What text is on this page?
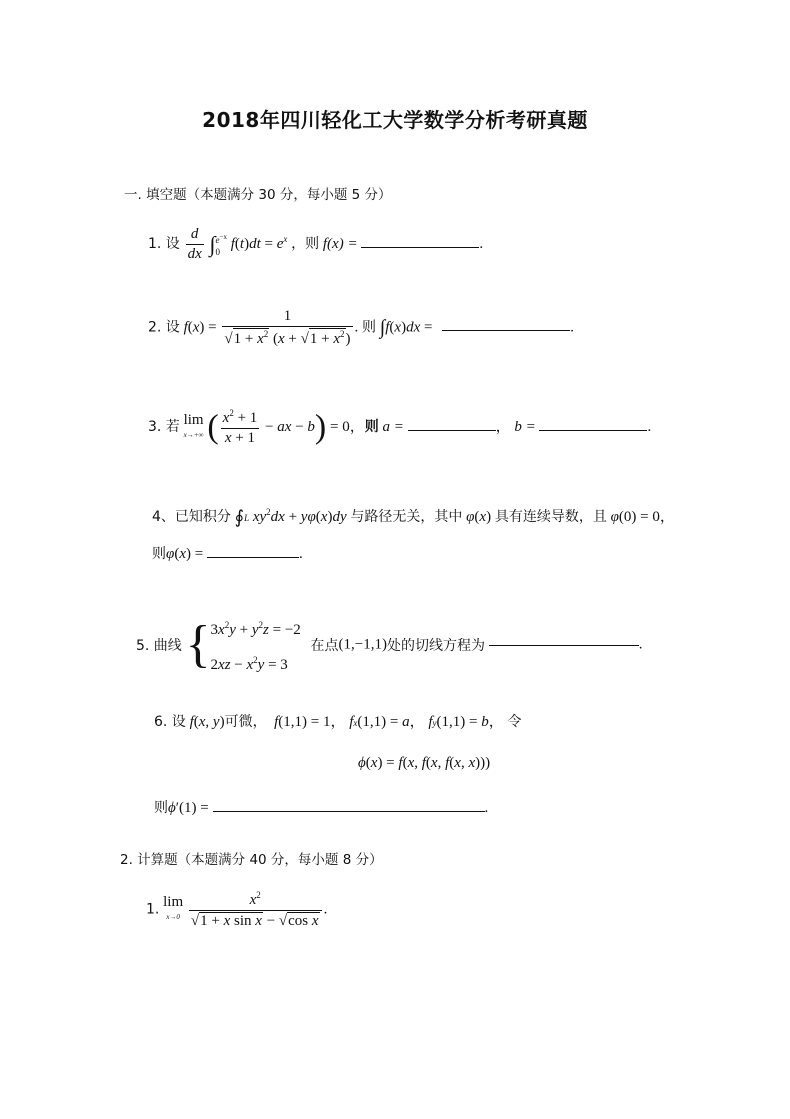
2018年四川轻化工大学数学分析考研真题
一. 填空题（本题满分 30 分，每小题 5 分）
1. 设 $\frac{d}{dx} \int e^{-x}$
0 $f(t)dt = e^x$ ，则 f(x) =	.
2. 设 $f(x) = \frac{1}{√1 + x^2 (x + √1 + x^2)}$ . 则 ∫f(x)dx =	.
3. 若 lim
x→+∞ ( $\frac{x^2 + 1}{x + 1}$ − ax − b) = 0，则 a =	， b =	.
4、已知积分 ∮L $xy^2dx + y\varphi(x)dy$ 与路径无关，其中 φ(x) 具有连续导数，且 φ(0) = 0，
则φ(x) =	.
5. 曲线 {$3x^2y + y^2z = -2$
$2xz - x^2y = 3$ 在点(1,−1,1)处的切线方程为	.
6. 设 f(x, y)可微， f(1,1) = 1， fx(1,1) = a， fy(1,1) = b， 令
ϕ(x) = f(x, f(x, f(x, x)))
则ϕ′(1) =	.
2. 计算题（本题满分 40 分，每小题 8 分）
1. lim
$x\to 0 \frac{x^2}{\text{√1 + x sin x − √cos x}}$ .
